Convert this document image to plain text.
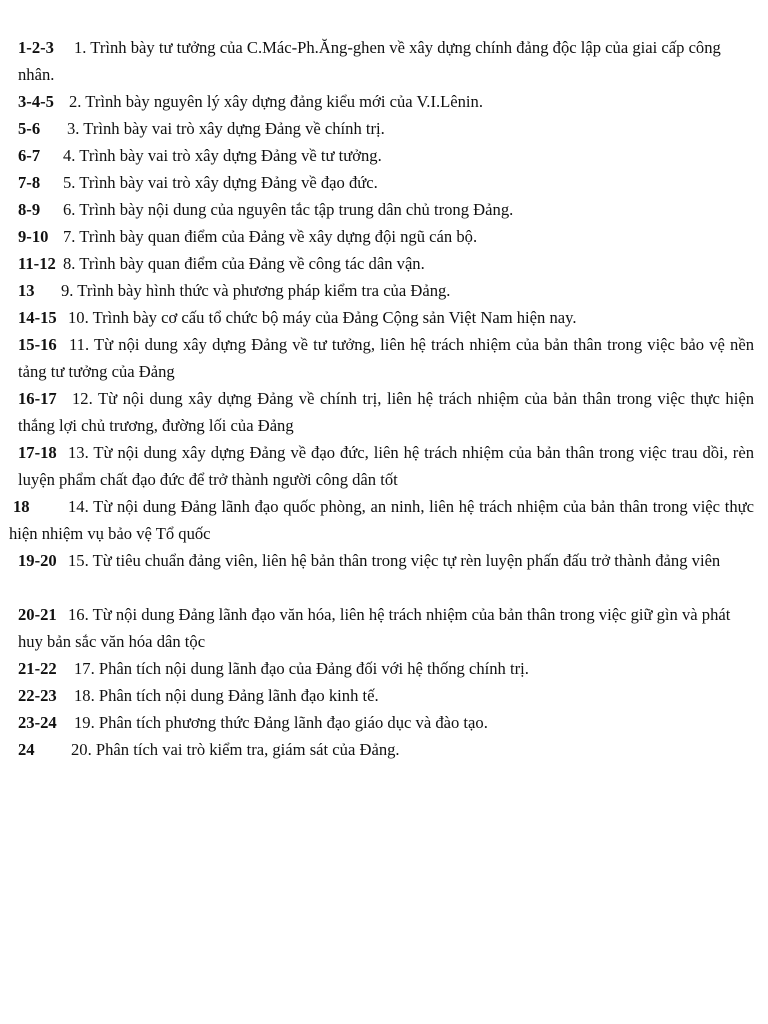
1-2-3 1. Trình bày tư tưởng của C.Mác-Ph.Ăng-ghen về xây dựng chính đảng độc lập của giai cấp công nhân.

3-4-5 2. Trình bày nguyên lý xây dựng đảng kiểu mới của V.I.Lênin.

5-6 3. Trình bày vai trò xây dựng Đảng về chính trị.

6-7 4. Trình bày vai trò xây dựng Đảng về tư tưởng.

7-8 5. Trình bày vai trò xây dựng Đảng về đạo đức.

8-9 6. Trình bày nội dung của nguyên tắc tập trung dân chủ trong Đảng.

9-10 7. Trình bày quan điểm của Đảng về xây dựng đội ngũ cán bộ.

11-12 8. Trình bày quan điểm của Đảng về công tác dân vận.

13 9. Trình bày hình thức và phương pháp kiểm tra của Đảng.

14-15 10. Trình bày cơ cấu tổ chức bộ máy của Đảng Cộng sản Việt Nam hiện nay.

15-16 11. Từ nội dung xây dựng Đảng về tư tưởng, liên hệ trách nhiệm của bản thân trong việc bảo vệ nền tảng tư tưởng của Đảng

16-17 12. Từ nội dung xây dựng Đảng về chính trị, liên hệ trách nhiệm của bản thân trong việc thực hiện thắng lợi chủ trương, đường lối của Đảng

17-18 13. Từ nội dung xây dựng Đảng về đạo đức, liên hệ trách nhiệm của bản thân trong việc trau dồi, rèn luyện phẩm chất đạo đức để trở thành người công dân tốt

18 14. Từ nội dung Đảng lãnh đạo quốc phòng, an ninh, liên hệ trách nhiệm của bản thân trong việc thực hiện nhiệm vụ bảo vệ Tổ quốc

19-20 15. Từ tiêu chuẩn đảng viên, liên hệ bản thân trong việc tự rèn luyện phấn đấu trở thành đảng viên

20-21 16. Từ nội dung Đảng lãnh đạo văn hóa, liên hệ trách nhiệm của bản thân trong việc giữ gìn và phát huy bản sắc văn hóa dân tộc

21-22 17. Phân tích nội dung lãnh đạo của Đảng đối với hệ thống chính trị.

22-23 18. Phân tích nội dung Đảng lãnh đạo kinh tế.

23-24 19. Phân tích phương thức Đảng lãnh đạo giáo dục và đào tạo.

24 20. Phân tích vai trò kiểm tra, giám sát của Đảng.
